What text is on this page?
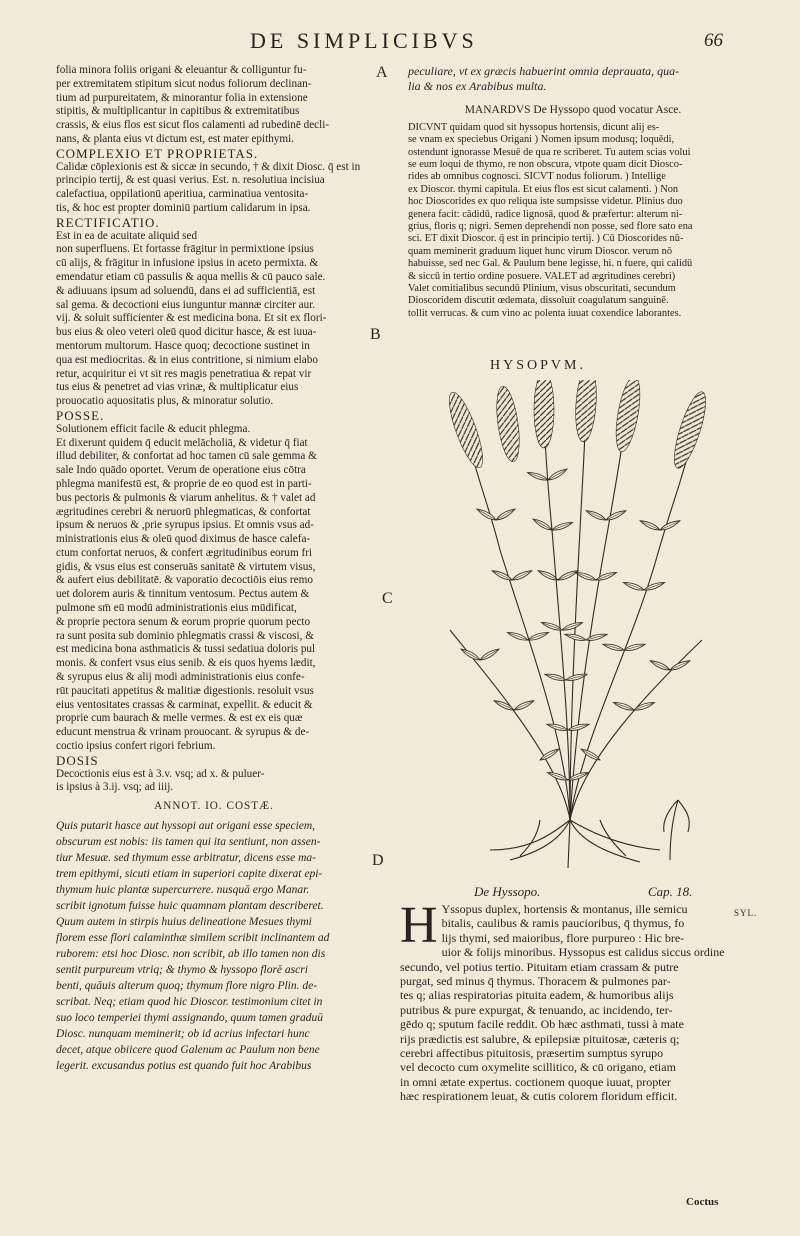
DE SIMPLICIBVS	66

folia minora foliis origani & eleuantur & colliguntur fu-

per extremitatem stipitum sicut nodus foliorum declinan-

tium ad purpureitatem, & minorantur folia in extensione

stipitis, & multiplicantur in capitibus & extremitatibus

crassis, & eius flos est sicut flos calamenti ad rubedinē decli-

nans, & planta eius vt dictum est, est mater epithymi.

COMPLEXIO ET PROPRIETAS.

Calidæ cōplexionis est & siccæ in secundo, † & dixit Diosc. q̄ est in

principio tertij, & est quasi verius. Est. n. resolutiua incisiua

calefactiua, oppilationū aperitiua, carminatiua ventosita-

tis, & hoc est propter dominiū partium calidarum in ipsa.

RECTIFICATIO.

Est in ea de acuitate aliquid sed

non superfluens. Et fortasse frāgitur in permixtione ipsius

cū alijs, & frāgitur in infusione ipsius in aceto permixta. &

emendatur etiam cū passulis & aqua mellis & cū pauco sale.

& adiuuans ipsum ad soluendū, dans ei ad sufficientiā, est

sal gema. & decoctioni eius iunguntur mannæ circiter aur.

vij. & soluit sufficienter & est medicina bona. Et sit ex flori-

bus eius & oleo veteri oleū quod dicitur hasce, & est iuua-

mentorum multorum. Hasce quoq; decoctione sustinet in

qua est mediocritas. & in eius contritione, si nimium elabo

retur, acquiritur ei vt sit res magis penetratiua & repat vir

tus eius & penetret ad vias vrinæ, & multiplicatur eius

prouocatio aquositatis plus, & minoratur solutio.

POSSE.

Solutionem efficit facile & educit phlegma.

Et dixerunt quidem q̄ educit melācholiā, & videtur q̄ fiat

illud debiliter, & confortat ad hoc tamen cū sale gemma &

sale Indo quādo oportet. Verum de operatione eius cōtra

phlegma manifestū est, & proprie de eo quod est in parti-

bus pectoris & pulmonis & viarum anhelitus. & † valet ad

ægritudines cerebri & neruorū phlegmaticas, & confortat

ipsum & neruos & ,prie syrupus ipsius. Et omnis vsus ad-

ministrationis eius & oleū quod diximus de hasce calefa-

ctum confortat neruos, & confert ægritudinibus eorum fri

gidis, & vsus eius est conseruās sanitatē & virtutem visus,

& aufert eius debilitatē. & vaporatio decoctiōis eius remo

uet dolorem auris & tinnitum ventosum. Pectus autem &

pulmone sm̄ eū modū administrationis eius mūdificat,

& proprie pectora senum & eorum proprie quorum pecto

ra sunt posita sub dominio phlegmatis crassi & viscosi, &

est medicina bona asthmaticis & tussi sedatiua doloris pul

monis. & confert vsus eius senib. & eis quos hyems lædit,

& syrupus eius & alij modi administrationis eius confe-

rūt paucitati appetitus & malitiæ digestionis. resoluit vsus

eius ventositates crassas & carminat, expellit. & educit &

proprie cum baurach & melle vermes. & est ex eis quæ

educunt menstrua & vrinam prouocant. & syrupus & de-

coctio ipsius confert rigori febrium.

DOSIS

Decoctionis eius est à 3.v. vsq; ad x. & puluer-

is ipsius à 3.ij. vsq; ad iiij.

ANNOT. IO. COSTÆ.

Quis putarit hasce aut hyssopi aut origani esse speciem,

obscurum est nobis: iis tamen qui ita sentiunt, non assen-

tiur Mesuæ. sed thymum esse arbitratur, dicens esse ma-

trem epithymi, sicuti etiam in superiori capite dixerat epi-

thymum huic plantæ supercurrere. nusquā ergo Manar.

scribit ignotum fuisse huic quamnam plantam describeret.

Quum autem in stirpis huius delineatione Mesues thymi

florem esse flori calaminthæ similem scribit inclinantem ad

ruborem: etsi hoc Diosc. non scribit, ab illo tamen non dis

sentit purpureum vtriq; & thymo & hyssopo florē ascri

benti, quāuis alterum quoq; thymum flore nigro Plin. de-

scribat. Neq; etiam quod hic Dioscor. testimonium citet in

suo loco temperiei thymi assignando, quum tamen graduū

Diosc. nunquam meminerit; ob id acrius infectari hunc

decet, atque obiicere quod Galenum ac Paulum non bene

legerit. excusandus potius est quando fuit hoc Arabibus

peculiare, vt ex græcis habuerint omnia deprauata, qua-

lia & nos ex Arabibus multa.

MANARDVS De Hyssopo quod vocatur Asce.

DICVNT quidam quod sit hyssopus hortensis, dicunt alij es-

se vnam ex speciebus Origani ) Nomen ipsum modusq; loquēdi,

ostendunt ignorasse Mesuē de qua re scriberet. Tu autem scias volui

se eum loqui de thymo, re non obscura, vtpote quam dicit Diosco-

rides ab omnibus cognosci. SICVT nodus foliorum. ) Intellige

ex Dioscor. thymi capitula. Et eius flos est sicut calamenti. ) Non

hoc Dioscorides ex quo reliqua iste sumpsisse videtur. Plinius duo

genera facit: cādidū, radice lignosā, quod & præfertur: alterum ni-

grius, floris q; nigri. Semen deprehendi non posse, sed flore sato ena

sci. ET dixit Dioscor. q̄ est in principio tertij. ) Cū Dioscorides nū-

quam meminerit graduum liquet hunc virum Dioscor. verum nō

habuisse, sed nec Gal. & Paulum bene legisse, hi. n fuere, qui calidū

& siccū in tertio ordine posuere. VALET ad ægritudines cerebri)

Valet comitialibus secundū Plinium, visus obscuritati, secundum

Dioscoridem discutit œdemata, dissoluit coagulatum sanguinē.

tollit verrucas. & cum vino ac polenta iuuat coxendice laborantes.

HYSOPVM.
De Hyssopo.	Cap. 18.
H Yssopus duplex, hortensis & montanus, ille semicu

bitalis, caulibus & ramis paucioribus, q̄ thymus, fo

lijs thymi, sed maioribus, flore purpureo : Hic bre-

uior & folijs minoribus. Hyssopus est calidus siccus ordine

secundo, vel potius tertio. Pituitam etiam crassam & putre

purgat, sed minus q̄ thymus. Thoracem & pulmones par-

tes q; alias respiratorias pituita eadem, & humoribus alijs

putribus & pure expurgat, & tenuando, ac incidendo, ter-

gēdo q; sputum facile reddit. Ob hæc asthmati, tussi à mate

rijs prædictis est salubre, & epilepsiæ pituitosæ, cæteris q;

cerebri affectibus pituitosis, præsertim sumptus syrupo

vel decocto cum oxymelite scillitico, & cū origano, etiam

in omni ætate expertus. coctionem quoque iuuat, propter

hæc respirationem leuat, & cutis colorem floridum efficit.

Coctus
A
B
C
D
SYL.
